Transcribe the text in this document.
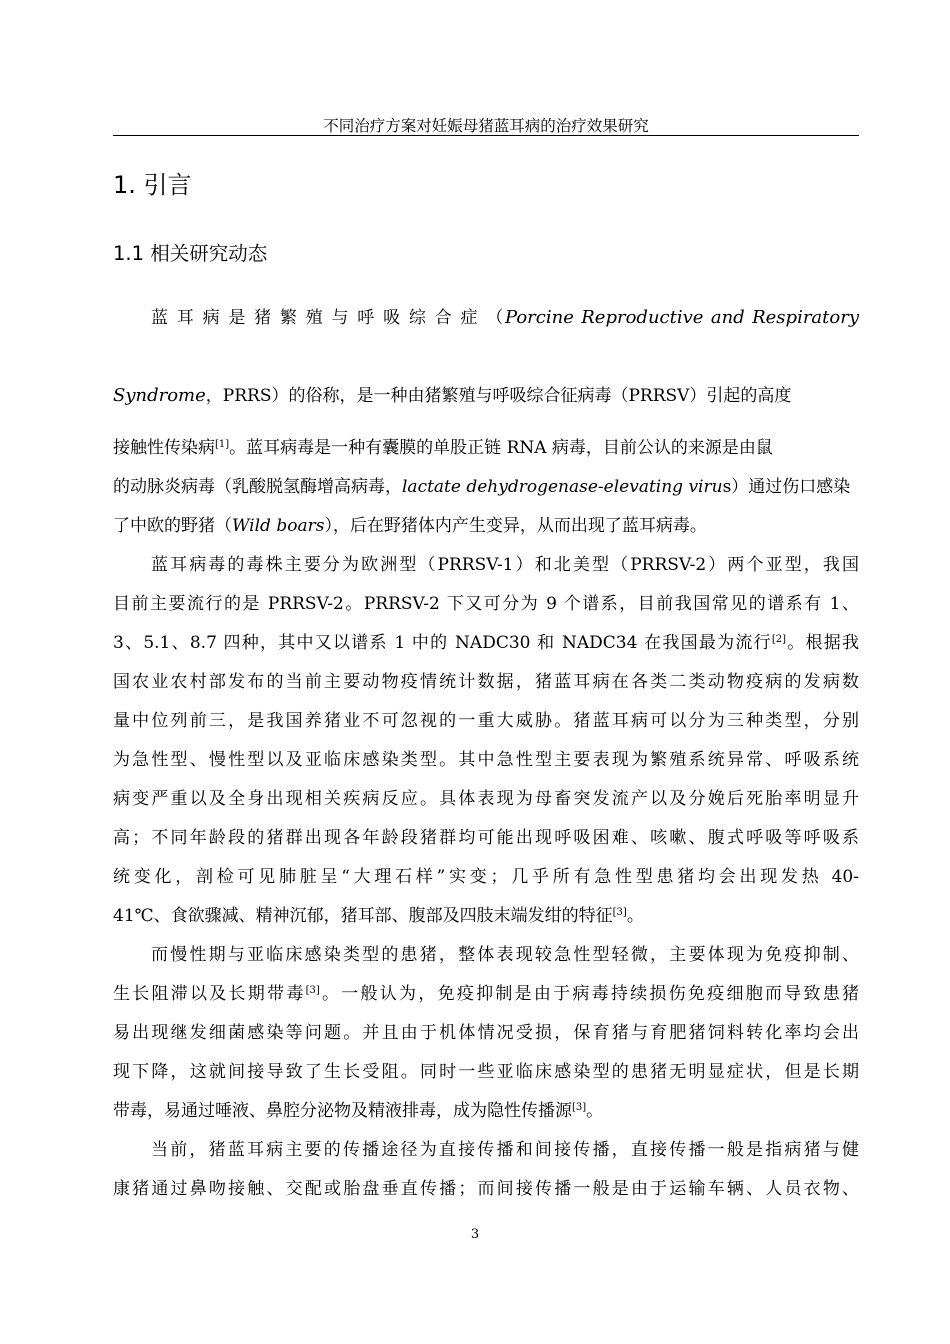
不同治疗方案对妊娠母猪蓝耳病的治疗效果研究
1. 引言
1.1 相关研究动态
蓝 耳 病 是 猪 繁 殖 与 呼 吸 综 合 症 （Porcine Reproductive and Respiratory
Syndrome，PRRS）的俗称，是一种由猪繁殖与呼吸综合征病毒（PRRSV）引起的高度
接触性传染病[1]。蓝耳病毒是一种有囊膜的单股正链 RNA 病毒，目前公认的来源是由鼠
的动脉炎病毒（乳酸脱氢酶增高病毒，lactate dehydrogenase-elevating virus）通过伤口感染
了中欧的野猪（Wild boars），后在野猪体内产生变异，从而出现了蓝耳病毒。
蓝耳病毒的毒株主要分为欧洲型（PRRSV-1）和北美型（PRRSV-2）两个亚型，我国
目前主要流行的是 PRRSV-2。PRRSV-2 下又可分为 9 个谱系，目前我国常见的谱系有 1、
3、5.1、8.7 四种，其中又以谱系 1 中的 NADC30 和 NADC34 在我国最为流行[2]。根据我
国农业农村部发布的当前主要动物疫情统计数据，猪蓝耳病在各类二类动物疫病的发病数
量中位列前三，是我国养猪业不可忽视的一重大威胁。猪蓝耳病可以分为三种类型，分别
为急性型、慢性型以及亚临床感染类型。其中急性型主要表现为繁殖系统异常、呼吸系统
病变严重以及全身出现相关疾病反应。具体表现为母畜突发流产以及分娩后死胎率明显升
高；不同年龄段的猪群出现各年龄段猪群均可能出现呼吸困难、咳嗽、腹式呼吸等呼吸系
统变化，剖检可见肺脏呈“大理石样”实变；几乎所有急性型患猪均会出现发热 40-
41℃、食欲骤减、精神沉郁，猪耳部、腹部及四肢末端发绀的特征[3]。
而慢性期与亚临床感染类型的患猪，整体表现较急性型轻微，主要体现为免疫抑制、
生长阻滞以及长期带毒[3]。一般认为，免疫抑制是由于病毒持续损伤免疫细胞而导致患猪
易出现继发细菌感染等问题。并且由于机体情况受损，保育猪与育肥猪饲料转化率均会出
现下降，这就间接导致了生长受阻。同时一些亚临床感染型的患猪无明显症状，但是长期
带毒，易通过唾液、鼻腔分泌物及精液排毒，成为隐性传播源[3]。
当前，猪蓝耳病主要的传播途径为直接传播和间接传播，直接传播一般是指病猪与健
康猪通过鼻吻接触、交配或胎盘垂直传播；而间接传播一般是由于运输车辆、人员衣物、
3
